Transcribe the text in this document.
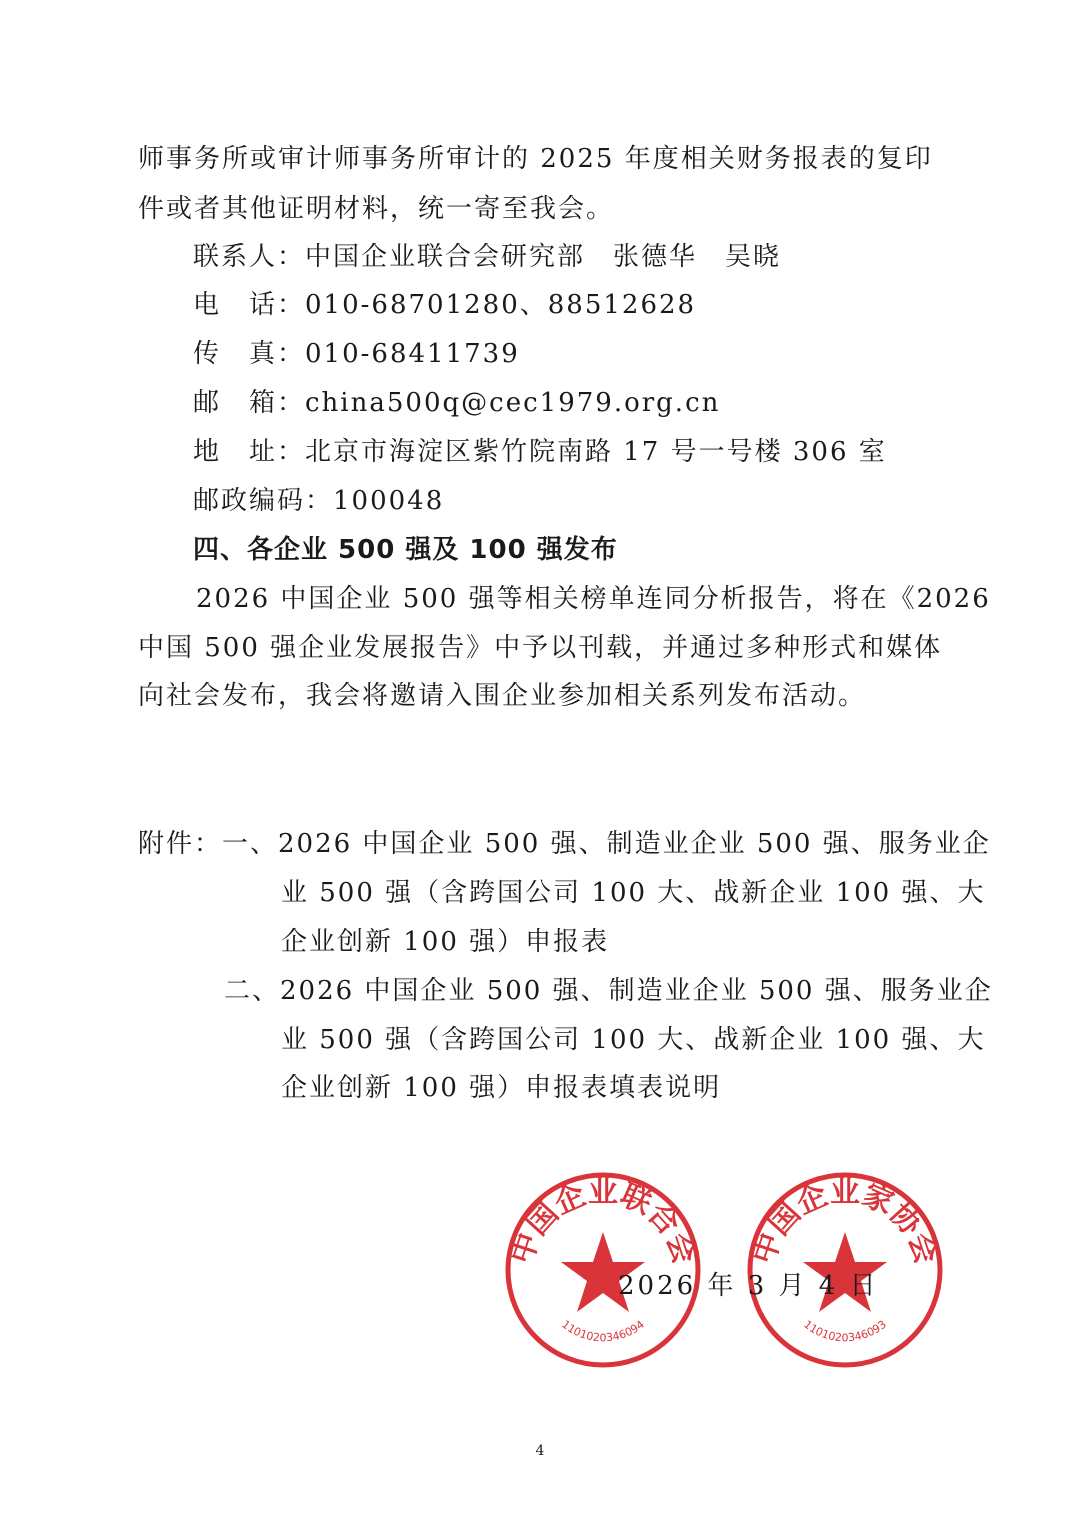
师事务所或审计师事务所审计的 2025 年度相关财务报表的复印
件或者其他证明材料，统一寄至我会。
联系人：中国企业联合会研究部　张德华　吴晓
电　话：010-68701280、88512628
传　真：010-68411739
邮　箱：china500q@cec1979.org.cn
地　址：北京市海淀区紫竹院南路 17 号一号楼 306 室
邮政编码：100048
四、各企业 500 强及 100 强发布
2026 中国企业 500 强等相关榜单连同分析报告，将在《2026
中国 500 强企业发展报告》中予以刊载，并通过多种形式和媒体
向社会发布，我会将邀请入围企业参加相关系列发布活动。
附件：一、2026 中国企业 500 强、制造业企业 500 强、服务业企
业 500 强（含跨国公司 100 大、战新企业 100 强、大
企业创新 100 强）申报表
二、2026 中国企业 500 强、制造业企业 500 强、服务业企
业 500 强（含跨国公司 100 大、战新企业 100 强、大
企业创新 100 强）申报表填表说明
中国企业联合会
1101020346094
中国企业家协会
1101020346093
2026 年 3 月 4 日
4
